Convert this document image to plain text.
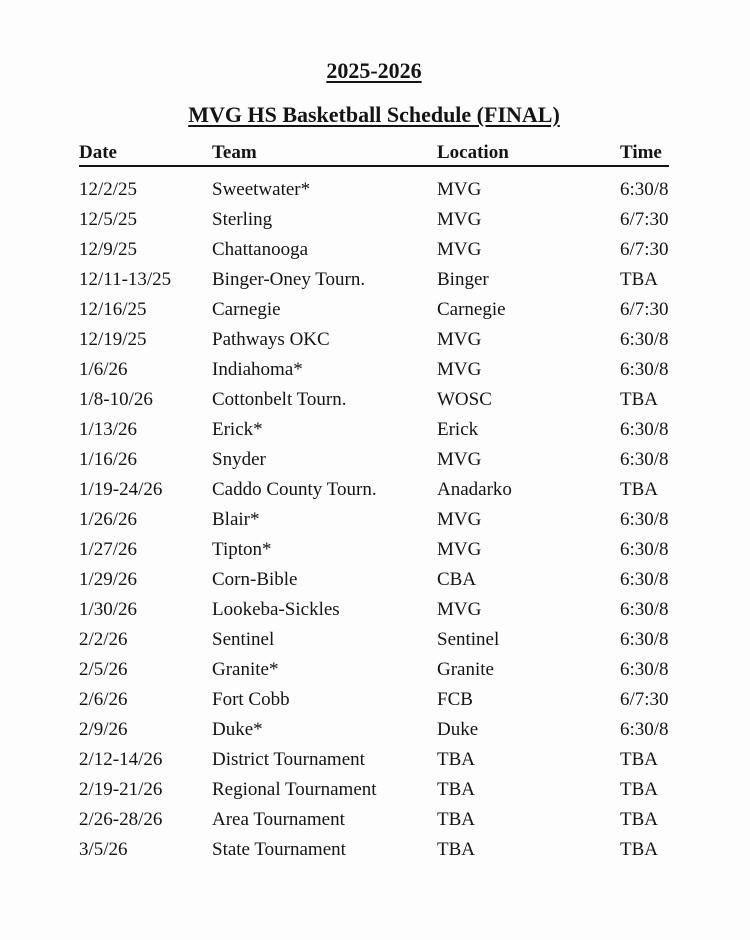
2025-2026
MVG HS Basketball Schedule (FINAL)
Date	Team	Location	Time
12/2/25	Sweetwater*	MVG	6:30/8
12/5/25	Sterling	MVG	6/7:30
12/9/25	Chattanooga	MVG	6/7:30
12/11-13/25	Binger-Oney Tourn.	Binger	TBA
12/16/25	Carnegie	Carnegie	6/7:30
12/19/25	Pathways OKC	MVG	6:30/8
1/6/26	Indiahoma*	MVG	6:30/8
1/8-10/26	Cottonbelt Tourn.	WOSC	TBA
1/13/26	Erick*	Erick	6:30/8
1/16/26	Snyder	MVG	6:30/8
1/19-24/26	Caddo County Tourn.	Anadarko	TBA
1/26/26	Blair*	MVG	6:30/8
1/27/26	Tipton*	MVG	6:30/8
1/29/26	Corn-Bible	CBA	6:30/8
1/30/26	Lookeba-Sickles	MVG	6:30/8
2/2/26	Sentinel	Sentinel	6:30/8
2/5/26	Granite*	Granite	6:30/8
2/6/26	Fort Cobb	FCB	6/7:30
2/9/26	Duke*	Duke	6:30/8
2/12-14/26	District Tournament	TBA	TBA
2/19-21/26	Regional Tournament	TBA	TBA
2/26-28/26	Area Tournament	TBA	TBA
3/5/26	State Tournament	TBA	TBA
